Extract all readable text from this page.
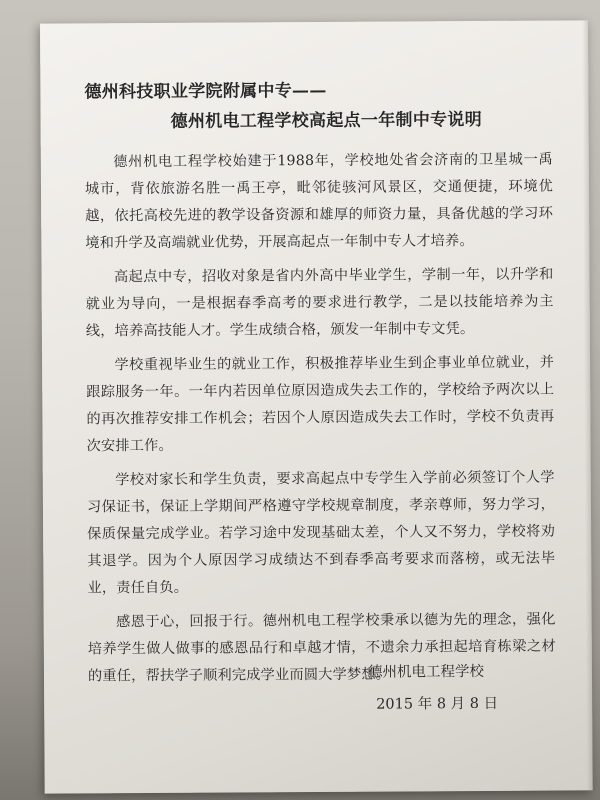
德州科技职业学院附属中专——
德州机电工程学校高起点一年制中专说明

德州机电工程学校始建于1988年，学校地处省会济南的卫星城一禹城市，背依旅游名胜一禹王亭，毗邻徒骇河风景区，交通便捷，环境优越，依托高校先进的教学设备资源和雄厚的师资力量，具备优越的学习环境和升学及高端就业优势，开展高起点一年制中专人才培养。

高起点中专，招收对象是省内外高中毕业学生，学制一年，以升学和就业为导向，一是根据春季高考的要求进行教学，二是以技能培养为主线，培养高技能人才。学生成绩合格，颁发一年制中专文凭。

学校重视毕业生的就业工作，积极推荐毕业生到企事业单位就业，并跟踪服务一年。一年内若因单位原因造成失去工作的，学校给予两次以上的再次推荐安排工作机会；若因个人原因造成失去工作时，学校不负责再次安排工作。

学校对家长和学生负责，要求高起点中专学生入学前必须签订个人学习保证书，保证上学期间严格遵守学校规章制度，孝亲尊师，努力学习，保质保量完成学业。若学习途中发现基础太差，个人又不努力，学校将劝其退学。因为个人原因学习成绩达不到春季高考要求而落榜，或无法毕业，责任自负。

感恩于心，回报于行。德州机电工程学校秉承以德为先的理念，强化培养学生做人做事的感恩品行和卓越才情，不遗余力承担起培育栋梁之材的重任，帮扶学子顺利完成学业而圆大学梦想。

德州机电工程学校
2015 年 8 月 8 日
